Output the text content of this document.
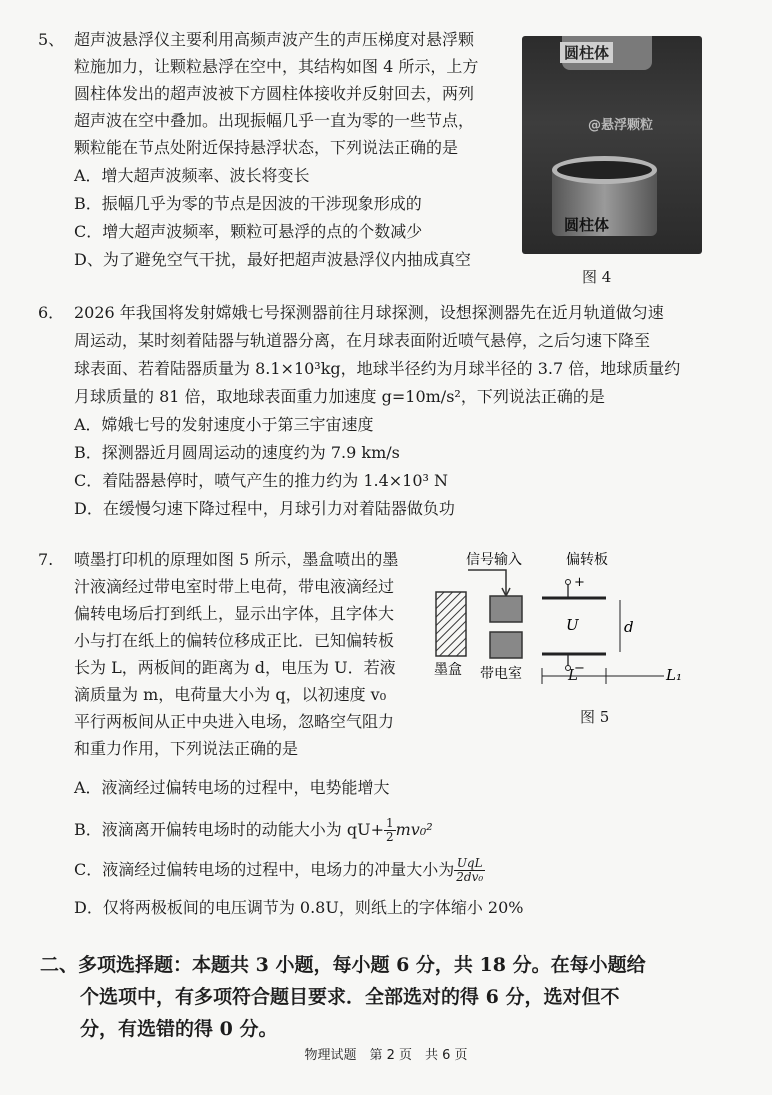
5、 超声波悬浮仪主要利用高频声波产生的声压梯度对悬浮颗
粒施加力，让颗粒悬浮在空中，其结构如图 4 所示，上方
圆柱体发出的超声波被下方圆柱体接收并反射回去，两列
超声波在空中叠加。出现振幅几乎一直为零的一些节点，
颗粒能在节点处附近保持悬浮状态，下列说法正确的是
A．增大超声波频率、波长将变长
B．振幅几乎为零的节点是因波的干涉现象形成的
C．增大超声波频率，颗粒可悬浮的点的个数减少
D、为了避免空气干扰，最好把超声波悬浮仪内抽成真空
圆柱体
@悬浮颗粒
圆柱体
图 4
6． 2026 年我国将发射嫦娥七号探测器前往月球探测，设想探测器先在近月轨道做匀速
周运动，某时刻着陆器与轨道器分离，在月球表面附近喷气悬停，之后匀速下降至
球表面、若着陆器质量为 8.1×10³kg，地球半径约为月球半径的 3.7 倍，地球质量约
月球质量的 81 倍，取地球表面重力加速度 g=10m/s²，下列说法正确的是
A．嫦娥七号的发射速度小于第三宇宙速度
B．探测器近月圆周运动的速度约为 7.9 km/s
C．着陆器悬停时，喷气产生的推力约为 1.4×10³ N
D．在缓慢匀速下降过程中，月球引力对着陆器做负功
7. 喷墨打印机的原理如图 5 所示，墨盒喷出的墨
汁液滴经过带电室时带上电荷，带电液滴经过
偏转电场后打到纸上，显示出字体，且字体大
小与打在纸上的偏转位移成正比．已知偏转板
长为 L，两板间的距离为 d，电压为 U．若液
滴质量为 m，电荷量大小为 q，以初速度 v₀
平行两板间从正中央进入电场，忽略空气阻力
和重力作用，下列说法正确的是
信号输入	偏转板
+
−
U	d
L	L₁
墨盒 带电室
图 5
A．液滴经过偏转电场的过程中，电势能增大
B．液滴离开偏转电场时的动能大小为 $qU+ \frac{1}{2} mv_0^2$
C．液滴经过偏转电场的过程中，电场力的冲量大小为 $\frac{\text{UqL}}{\text{2dv₀}}$
D．仅将两极板间的电压调节为 0.8U，则纸上的字体缩小 20%
二、多项选择题：本题共 3 小题，每小题 6 分，共 18 分。在每小题给
个选项中，有多项符合题目要求．全部选对的得 6 分，选对但不
分，有选错的得 0 分。
物理试题　第 2 页　共 6 页
